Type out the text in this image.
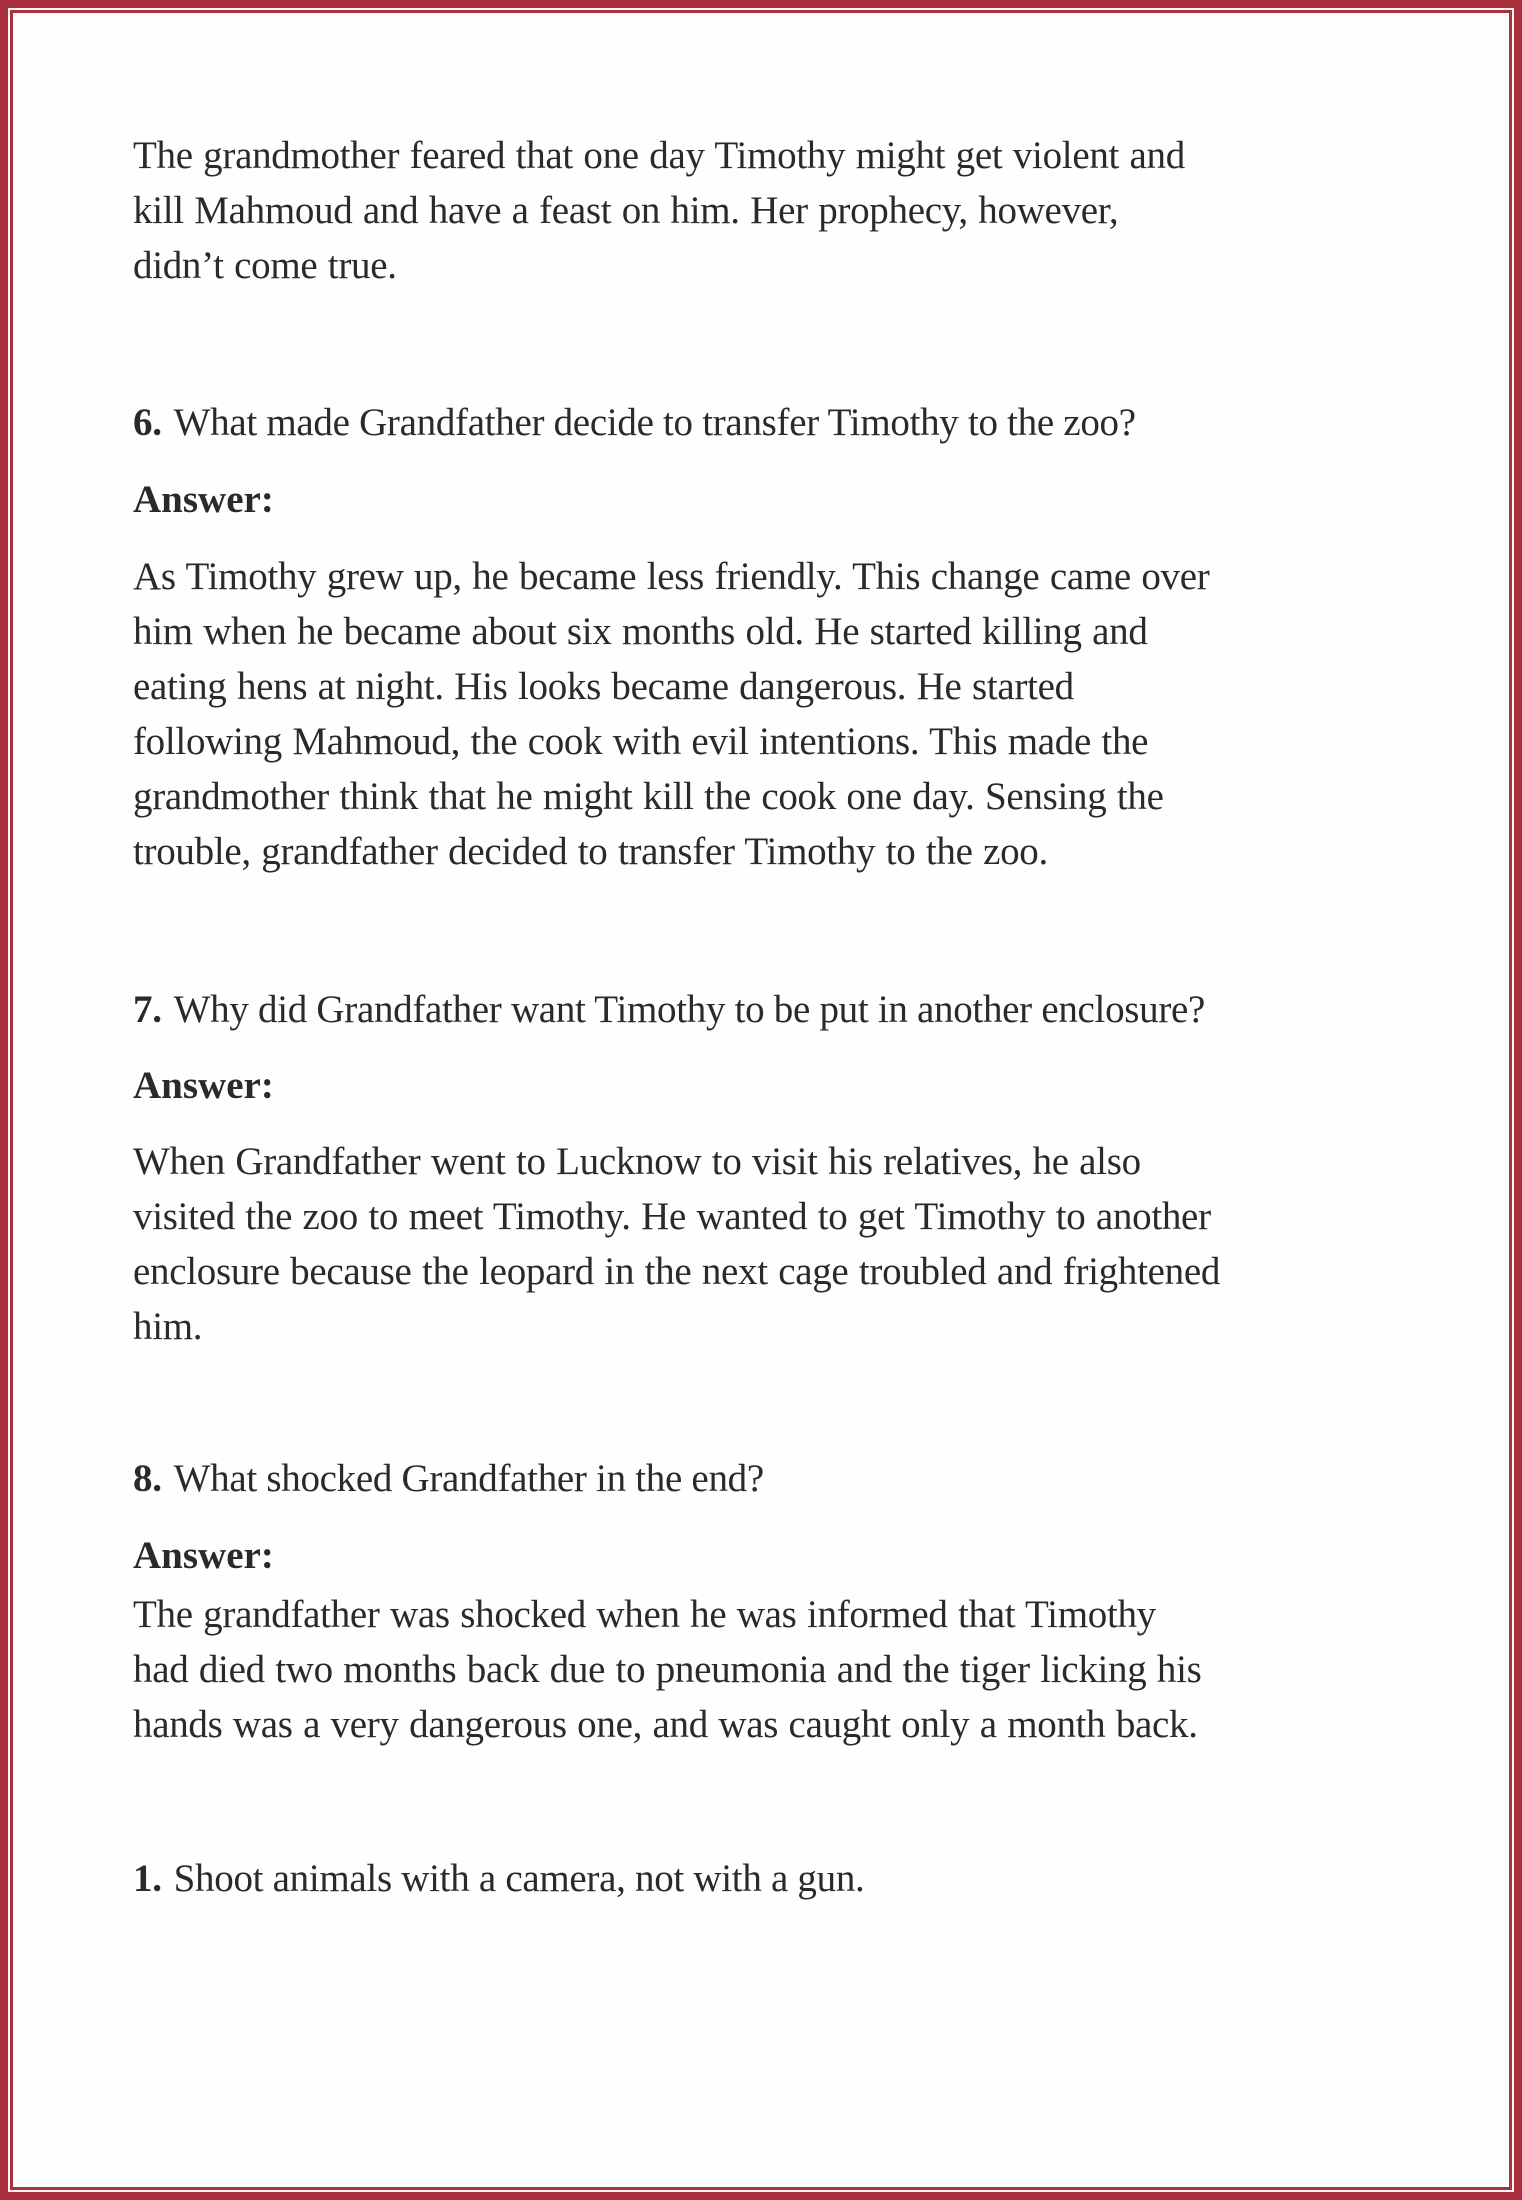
The grandmother feared that one day Timothy might get violent and
kill Mahmoud and have a feast on him. Her prophecy, however,
didn’t come true.
6. What made Grandfather decide to transfer Timothy to the zoo?
Answer:
As Timothy grew up, he became less friendly. This change came over
him when he became about six months old. He started killing and
eating hens at night. His looks became dangerous. He started
following Mahmoud, the cook with evil intentions. This made the
grandmother think that he might kill the cook one day. Sensing the
trouble, grandfather decided to transfer Timothy to the zoo.
7. Why did Grandfather want Timothy to be put in another enclosure?
Answer:
When Grandfather went to Lucknow to visit his relatives, he also
visited the zoo to meet Timothy. He wanted to get Timothy to another
enclosure because the leopard in the next cage troubled and frightened
him.
8. What shocked Grandfather in the end?
Answer:
The grandfather was shocked when he was informed that Timothy
had died two months back due to pneumonia and the tiger licking his
hands was a very dangerous one, and was caught only a month back.
1. Shoot animals with a camera, not with a gun.
